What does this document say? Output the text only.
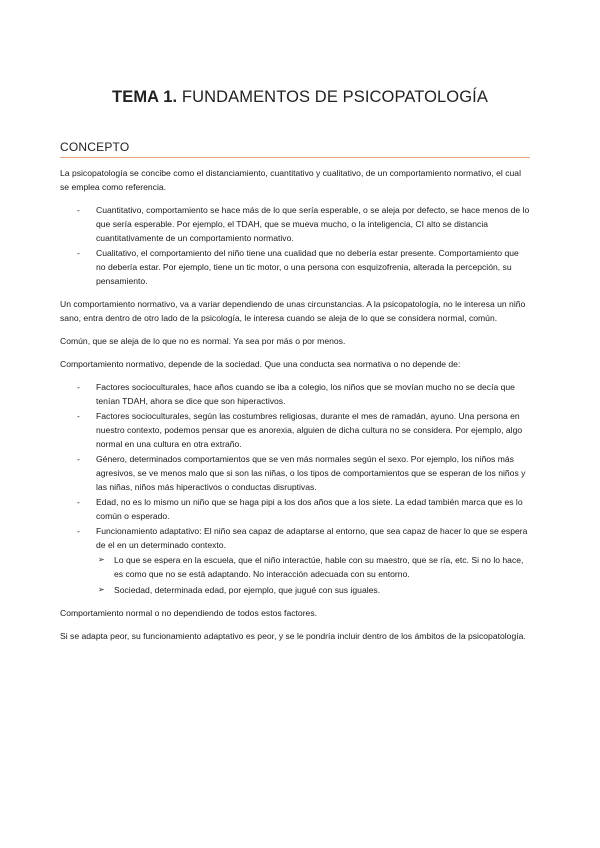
TEMA 1. FUNDAMENTOS DE PSICOPATOLOGÍA
CONCEPTO

La psicopatología se concibe como el distanciamiento, cuantitativo y cualitativo, de un comportamiento normativo, el cual se emplea como referencia.

- Cuantitativo, comportamiento se hace más de lo que sería esperable, o se aleja por defecto, se hace menos de lo que sería esperable. Por ejemplo, el TDAH, que se mueva mucho, o la inteligencia, CI alto se distancia cuantitativamente de un comportamiento normativo.
- Cualitativo, el comportamiento del niño tiene una cualidad que no debería estar presente. Comportamiento que no debería estar. Por ejemplo, tiene un tic motor, o una persona con esquizofrenia, alterada la percepción, su pensamiento.

Un comportamiento normativo, va a variar dependiendo de unas circunstancias. A la psicopatología, no le interesa un niño sano, entra dentro de otro lado de la psicología, le interesa cuando se aleja de lo que se considera normal, común.

Común, que se aleja de lo que no es normal. Ya sea por más o por menos.

Comportamiento normativo, depende de la sociedad. Que una conducta sea normativa o no depende de:

- Factores socioculturales, hace años cuando se iba a colegio, los niños que se movían mucho no se decía que tenían TDAH, ahora se dice que son hiperactivos.
- Factores socioculturales, según las costumbres religiosas, durante el mes de ramadán, ayuno. Una persona en nuestro contexto, podemos pensar que es anorexia, alguien de dicha cultura no se considera. Por ejemplo, algo normal en una cultura en otra extraño.
- Género, determinados comportamientos que se ven más normales según el sexo. Por ejemplo, los niños más agresivos, se ve menos malo que si son las niñas, o los tipos de comportamientos que se esperan de los niños y las niñas, niños más hiperactivos o conductas disruptivas.
- Edad, no es lo mismo un niño que se haga pipi a los dos años que a los siete. La edad también marca que es lo común o esperado.
- Funcionamiento adaptativo: El niño sea capaz de adaptarse al entorno, que sea capaz de hacer lo que se espera de el en un determinado contexto.
➢ Lo que se espera en la escuela, que el niño interactúe, hable con su maestro, que se ría, etc. Si no lo hace, es como que no se está adaptando. No interacción adecuada con su entorno.
➢ Sociedad, determinada edad, por ejemplo, que jugué con sus iguales.

Comportamiento normal o no dependiendo de todos estos factores.

Si se adapta peor, su funcionamiento adaptativo es peor, y se le pondría incluir dentro de los ámbitos de la psicopatología.
